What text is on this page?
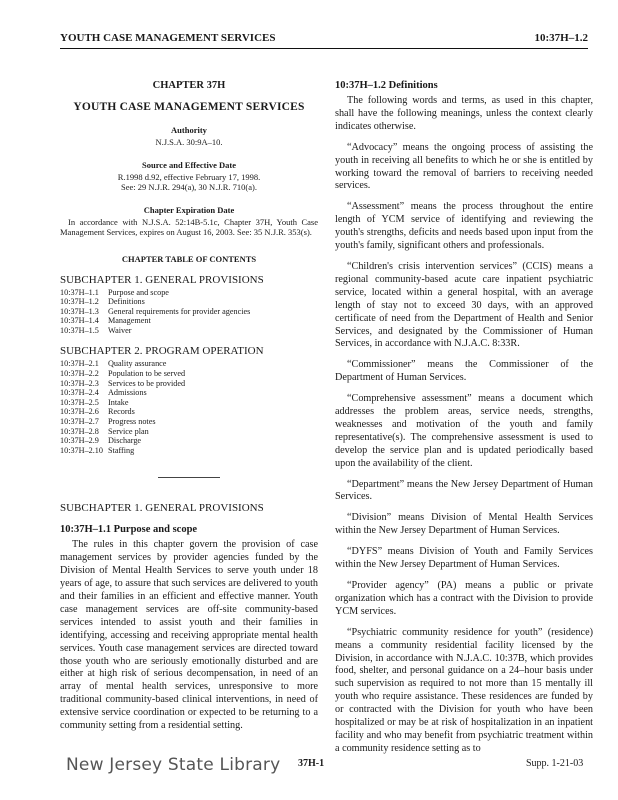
YOUTH CASE MANAGEMENT SERVICES	10:37H–1.2
CHAPTER 37H
YOUTH CASE MANAGEMENT SERVICES
Authority
N.J.S.A. 30:9A–10.
Source and Effective Date
R.1998 d.92, effective February 17, 1998.
See: 29 N.J.R. 294(a), 30 N.J.R. 710(a).
Chapter Expiration Date
In accordance with N.J.S.A. 52:14B-5.1c, Chapter 37H, Youth Case Management Services, expires on August 16, 2003. See: 35 N.J.R. 353(s).
CHAPTER TABLE OF CONTENTS
SUBCHAPTER 1. GENERAL PROVISIONS
10:37H–1.1	Purpose and scope
10:37H–1.2	Definitions
10:37H–1.3	General requirements for provider agencies
10:37H–1.4	Management
10:37H–1.5	Waiver
SUBCHAPTER 2. PROGRAM OPERATION
10:37H–2.1	Quality assurance
10:37H–2.2	Population to be served
10:37H–2.3	Services to be provided
10:37H–2.4	Admissions
10:37H–2.5	Intake
10:37H–2.6	Records
10:37H–2.7	Progress notes
10:37H–2.8	Service plan
10:37H–2.9	Discharge
10:37H–2.10 Staffing
SUBCHAPTER 1. GENERAL PROVISIONS
10:37H–1.1 Purpose and scope
The rules in this chapter govern the provision of case management services by provider agencies funded by the Division of Mental Health Services to serve youth under 18 years of age, to assure that such services are delivered to youth and their families in an efficient and effective manner. Youth case management services are off-site community-based services intended to assist youth and their families in identifying, accessing and receiving appropriate mental health services. Youth case management services are directed toward those youth who are seriously emotionally disturbed and are either at high risk of serious decompensation, in need of an array of mental health services, unresponsive to more traditional community-based clinical interventions, in need of extensive service coordination or expected to be returning to a community setting from a residential setting.
10:37H–1.2 Definitions
The following words and terms, as used in this chapter, shall have the following meanings, unless the context clearly indicates otherwise.
“Advocacy” means the ongoing process of assisting the youth in receiving all benefits to which he or she is entitled by working toward the removal of barriers to receiving needed services.
“Assessment” means the process throughout the entire length of YCM service of identifying and reviewing the youth's strengths, deficits and needs based upon input from the youth's family, significant others and professionals.
“Children's crisis intervention services” (CCIS) means a regional community-based acute care inpatient psychiatric service, located within a general hospital, with an average length of stay not to exceed 30 days, with an approved certificate of need from the Department of Health and Senior Services, and designated by the Commissioner of Human Services, in accordance with N.J.A.C. 8:33R.
“Commissioner” means the Commissioner of the Department of Human Services.
“Comprehensive assessment” means a document which addresses the problem areas, service needs, strengths, weaknesses and motivation of the youth and family representative(s). The comprehensive assessment is used to develop the service plan and is updated periodically based upon the availability of the client.
“Department” means the New Jersey Department of Human Services.
“Division” means Division of Mental Health Services within the New Jersey Department of Human Services.
“DYFS” means Division of Youth and Family Services within the New Jersey Department of Human Services.
“Provider agency” (PA) means a public or private organization which has a contract with the Division to provide YCM services.
“Psychiatric community residence for youth” (residence) means a community residential facility licensed by the Division, in accordance with N.J.A.C. 10:37B, which provides food, shelter, and personal guidance on a 24–hour basis under such supervision as required to not more than 15 mentally ill youth who require assistance. These residences are funded by or contracted with the Division for youth who have been hospitalized or may be at risk of hospitalization in an inpatient facility and who may benefit from psychiatric treatment within a community residence setting as to
New Jersey State Library 37H-1	Supp. 1-21-03
